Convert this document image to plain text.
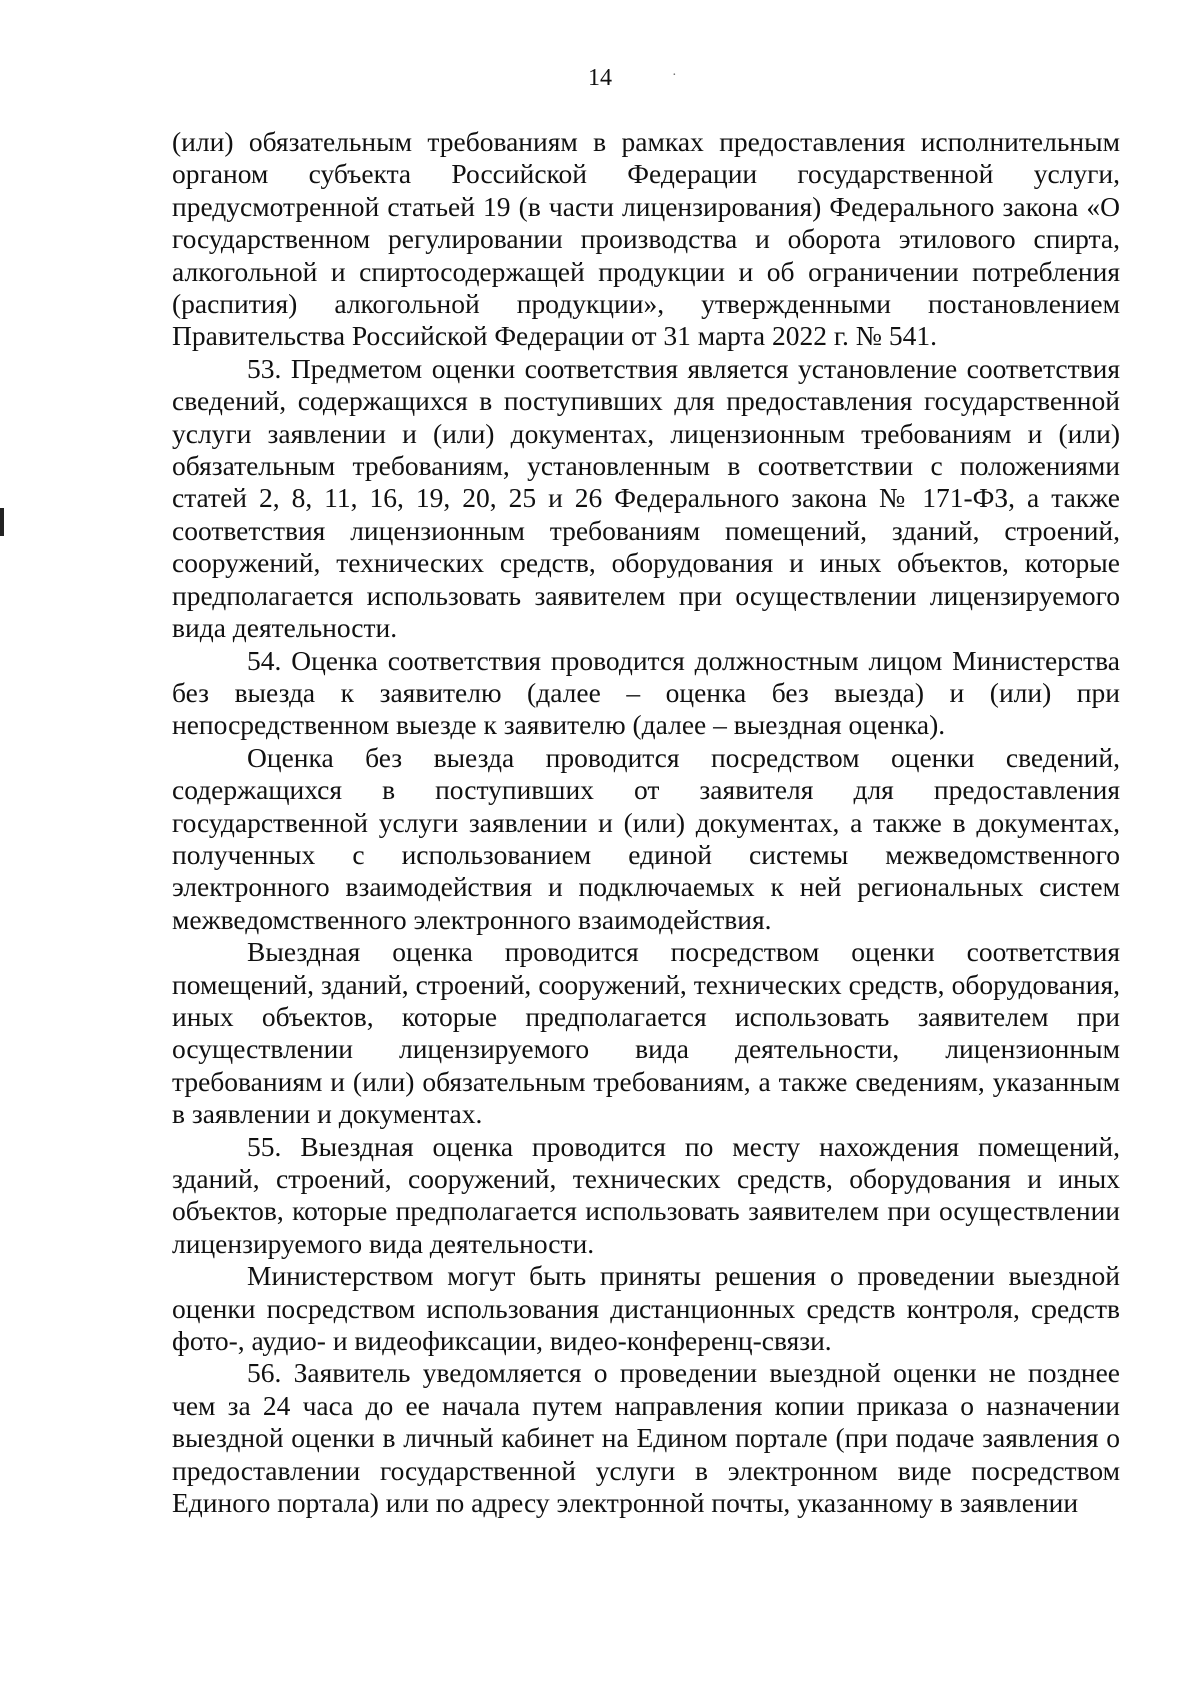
14	·

(или) обязательным требованиям в рамках предоставления исполнительным органом субъекта Российской Федерации государственной услуги, предусмотренной статьей 19 (в части лицензирования) Федерального закона «О государственном регулировании производства и оборота этилового спирта, алкогольной и спиртосодержащей продукции и об ограничении потребления (распития) алкогольной продукции», утвержденными постановлением Правительства Российской Федерации от 31 марта 2022 г. № 541.

53. Предметом оценки соответствия является установление соответствия сведений, содержащихся в поступивших для предоставления государственной услуги заявлении и (или) документах, лицензионным требованиям и (или) обязательным требованиям, установленным в соответствии с положениями статей 2, 8, 11, 16, 19, 20, 25 и 26 Федерального закона № 171-ФЗ, а также соответствия лицензионным требованиям помещений, зданий, строений, сооружений, технических средств, оборудования и иных объектов, которые предполагается использовать заявителем при осуществлении лицензируемого вида деятельности.

54. Оценка соответствия проводится должностным лицом Министерства без выезда к заявителю (далее – оценка без выезда) и (или) при непосредственном выезде к заявителю (далее – выездная оценка).

Оценка без выезда проводится посредством оценки сведений, содержащихся в поступивших от заявителя для предоставления государственной услуги заявлении и (или) документах, а также в документах, полученных с использованием единой системы межведомственного электронного взаимодействия и подключаемых к ней региональных систем межведомственного электронного взаимодействия.

Выездная оценка проводится посредством оценки соответствия помещений, зданий, строений, сооружений, технических средств, оборудования, иных объектов, которые предполагается использовать заявителем при осуществлении лицензируемого вида деятельности, лицензионным требованиям и (или) обязательным требованиям, а также сведениям, указанным в заявлении и документах.

55. Выездная оценка проводится по месту нахождения помещений, зданий, строений, сооружений, технических средств, оборудования и иных объектов, которые предполагается использовать заявителем при осуществлении лицензируемого вида деятельности.

Министерством могут быть приняты решения о проведении выездной оценки посредством использования дистанционных средств контроля, средств фото-, аудио- и видеофиксации, видео-конференц-связи.

56. Заявитель уведомляется о проведении выездной оценки не позднее чем за 24 часа до ее начала путем направления копии приказа о назначении выездной оценки в личный кабинет на Едином портале (при подаче заявления о предоставлении государственной услуги в электронном виде посредством Единого портала) или по адресу электронной почты, указанному в заявлении
